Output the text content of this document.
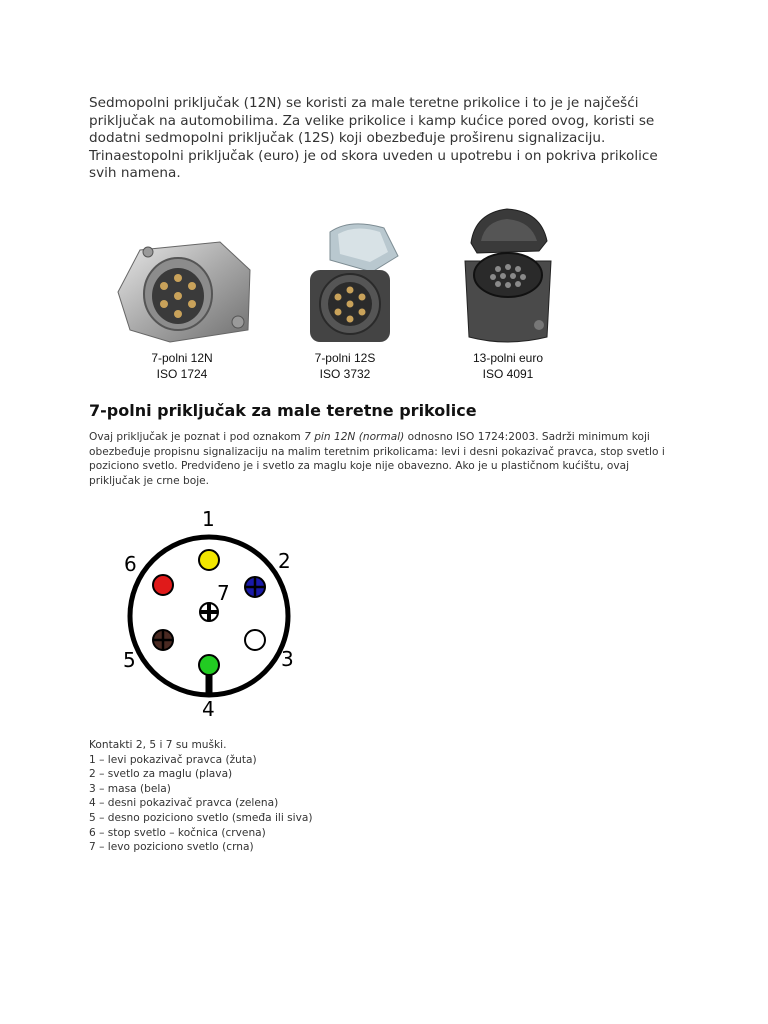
Sedmopolni priključak (12N) se koristi za male teretne prikolice i to je je najčešći

priključak na automobilima. Za velike prikolice i kamp kućice pored ovog, koristi se

dodatni sedmopolni priključak (12S) koji obezbeđuje proširenu signalizaciju.

Trinaestopolni priključak (euro) je od skora uveden u upotrebu i on pokriva prikolice

svih namena.

7-polni 12N
ISO 1724
7-polni 12S
ISO 3732
13-polni euro
ISO 4091
7-polni priključak za male teretne prikolice

Ovaj priključak je poznat i pod oznakom 7 pin 12N (normal) odnosno ISO 1724:2003. Sadrži minimum koji obezbeđuje propisnu signalizaciju na malim teretnim prikolicama: levi i desni pokazivač pravca, stop svetlo i poziciono svetlo. Predviđeno je i svetlo za maglu koje nije obavezno. Ako je u plastičnom kućištu, ovaj priključak je crne boje.

1
2
3
4
5
6
7
Kontakti 2, 5 i 7 su muški.
1 – levi pokazivač pravca (žuta)
2 – svetlo za maglu (plava)
3 – masa (bela)
4 – desni pokazivač pravca (zelena)
5 – desno poziciono svetlo (smeđa ili siva)
6 – stop svetlo – kočnica (crvena)
7 – levo poziciono svetlo (crna)
